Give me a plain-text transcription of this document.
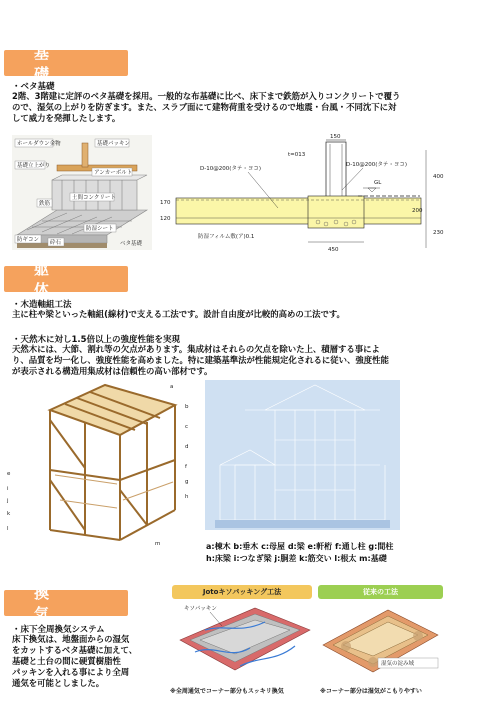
基 礎
・ベタ基礎
2階、3階建に定評のベタ基礎を採用。一般的な布基礎に比べ、床下まで鉄筋が入りコンクリートで覆う
ので、湿気の上がりを防ぎます。また、スラブ面にて建物荷重を受けるので地震・台風・不同沈下に対
して威力を発揮したします。
ホールダウン金物	基礎パッキン
基礎立上がり
アンカーボルト
鉄筋
土間コンクリート
防湿シート
防ギコン 砕石	ベタ基礎
150
t=013
GL
D-10@200(タテ・ヨコ)
D-10@200(タテ・ヨコ)
400
200
230
170
120
防湿フィルム敷(ア)0.1
450
躯 体
・木造軸組工法
主に柱や梁といった軸組(線材)で支える工法です。設計自由度が比較的高めの工法です。
・天然木に対し1.5倍以上の強度性能を実現
天然木には、大節、割れ等の欠点があります。集成材はそれらの欠点を除いた上、積層する事によ
り、品質を均一化し、強度性能を高めました。特に建築基準法が性能規定化されるに従い、強度性能
が表示される構造用集成材は信頼性の高い部材です。
a
b
c
d
e
f
g
h
i
j
k
l
m	a:棟木 b:垂木 c:母屋 d:梁 e:軒桁 f:通し柱 g:間柱
h:床梁 i:つなぎ梁 j:胴差 k:筋交い l:根太 m:基礎
換 気
・床下全周換気システム
床下換気は、地盤面からの湿気
をカットするベタ基礎に加えて、
基礎と土台の間に硬質樹脂性
パッキンを入れる事により全周
通気を可能としました。
Jotoキソパッキング工法	従来の工法
キソパッキン
湿気の淀み域
※全周通気でコーナー部分もスッキリ換気	※コーナー部分は湿気がこもりやすい
